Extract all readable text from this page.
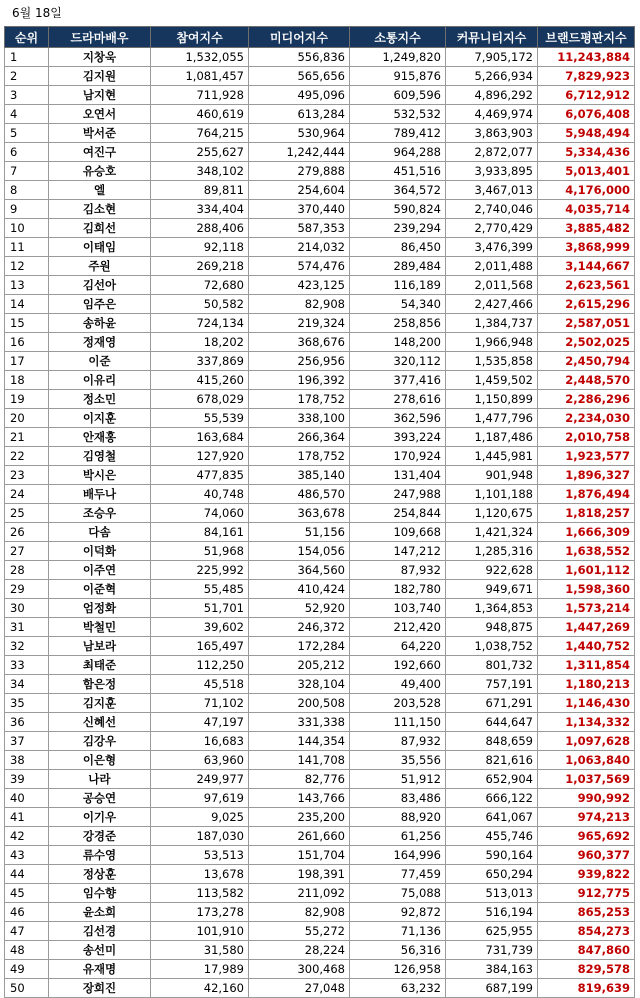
6월 18일
순위	드라마배우	참여지수	미디어지수	소통지수	커뮤니티지수	브랜드평판지수
1	지창욱	1,532,055	556,836	1,249,820	7,905,172	11,243,884
2	김지원	1,081,457	565,656	915,876	5,266,934	7,829,923
3	남지현	711,928	495,096	609,596	4,896,292	6,712,912
4	오연서	460,619	613,284	532,532	4,469,974	6,076,408
5	박서준	764,215	530,964	789,412	3,863,903	5,948,494
6	여진구	255,627	1,242,444	964,288	2,872,077	5,334,436
7	유승호	348,102	279,888	451,516	3,933,895	5,013,401
8	엘	89,811	254,604	364,572	3,467,013	4,176,000
9	김소현	334,404	370,440	590,824	2,740,046	4,035,714
10	김희선	288,406	587,353	239,294	2,770,429	3,885,482
11	이태임	92,118	214,032	86,450	3,476,399	3,868,999
12	주원	269,218	574,476	289,484	2,011,488	3,144,667
13	김선아	72,680	423,125	116,189	2,011,568	2,623,561
14	임주은	50,582	82,908	54,340	2,427,466	2,615,296
15	송하윤	724,134	219,324	258,856	1,384,737	2,587,051
16	정재영	18,202	368,676	148,200	1,966,948	2,502,025
17	이준	337,869	256,956	320,112	1,535,858	2,450,794
18	이유리	415,260	196,392	377,416	1,459,502	2,448,570
19	정소민	678,029	178,752	278,616	1,150,899	2,286,296
20	이지훈	55,539	338,100	362,596	1,477,796	2,234,030
21	안재홍	163,684	266,364	393,224	1,187,486	2,010,758
22	김영철	127,920	178,752	170,924	1,445,981	1,923,577
23	박시은	477,835	385,140	131,404	901,948	1,896,327
24	배두나	40,748	486,570	247,988	1,101,188	1,876,494
25	조승우	74,060	363,678	254,844	1,120,675	1,818,257
26	다솜	84,161	51,156	109,668	1,421,324	1,666,309
27	이덕화	51,968	154,056	147,212	1,285,316	1,638,552
28	이주연	225,992	364,560	87,932	922,628	1,601,112
29	이준혁	55,485	410,424	182,780	949,671	1,598,360
30	엄정화	51,701	52,920	103,740	1,364,853	1,573,214
31	박철민	39,602	246,372	212,420	948,875	1,447,269
32	남보라	165,497	172,284	64,220	1,038,752	1,440,752
33	최태준	112,250	205,212	192,660	801,732	1,311,854
34	함은정	45,518	328,104	49,400	757,191	1,180,213
35	김지훈	71,102	200,508	203,528	671,291	1,146,430
36	신혜선	47,197	331,338	111,150	644,647	1,134,332
37	김강우	16,683	144,354	87,932	848,659	1,097,628
38	이은형	63,960	141,708	35,556	821,616	1,063,840
39	나라	249,977	82,776	51,912	652,904	1,037,569
40	공승연	97,619	143,766	83,486	666,122	990,992
41	이기우	9,025	235,200	88,920	641,067	974,213
42	강경준	187,030	261,660	61,256	455,746	965,692
43	류수영	53,513	151,704	164,996	590,164	960,377
44	정상훈	13,678	198,391	77,459	650,294	939,822
45	임수향	113,582	211,092	75,088	513,013	912,775
46	윤소희	173,278	82,908	92,872	516,194	865,253
47	김선경	101,910	55,272	71,136	625,955	854,273
48	송선미	31,580	28,224	56,316	731,739	847,860
49	유재명	17,989	300,468	126,958	384,163	829,578
50	장희진	42,160	27,048	63,232	687,199	819,639
